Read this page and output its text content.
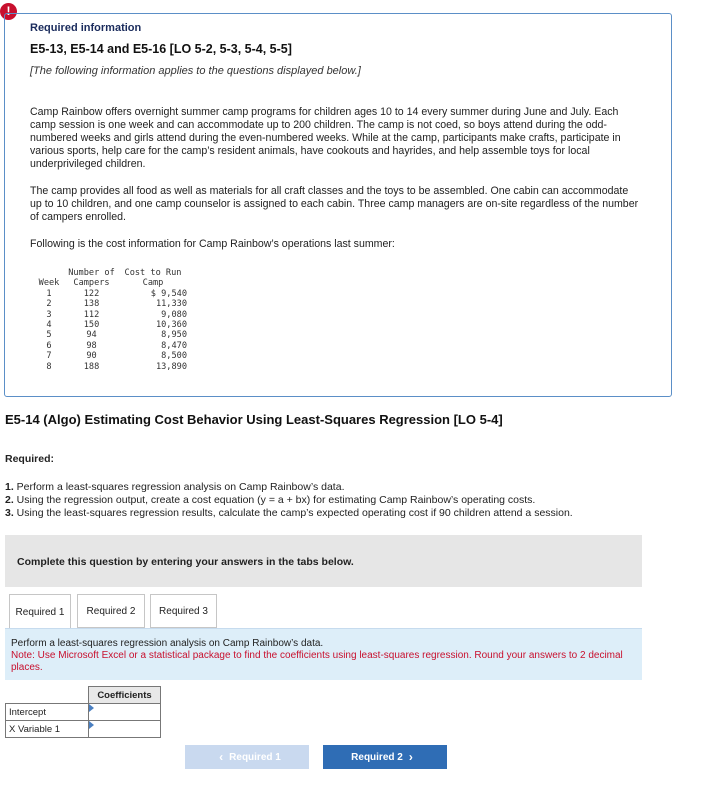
!
Required information
E5-13, E5-14 and E5-16 [LO 5-2, 5-3, 5-4, 5-5]
[The following information applies to the questions displayed below.]
Camp Rainbow offers overnight summer camp programs for children ages 10 to 14 every summer during June and July. Each camp session is one week and can accommodate up to 200 children. The camp is not coed, so boys attend during the odd-numbered weeks and girls attend during the even-numbered weeks. While at the camp, participants make crafts, participate in various sports, help care for the camp’s resident animals, have cookouts and hayrides, and help assemble toys for local underprivileged children.
The camp provides all food as well as materials for all craft classes and the toys to be assembled. One cabin can accommodate up to 10 children, and one camp counselor is assigned to each cabin. Three camp managers are on-site regardless of the number of campers enrolled.
Following is the cost information for Camp Rainbow’s operations last summer:
	Number of	Cost to Run
Week	Campers	Camp
1	122	$ 9,540
2	138	11,330
3	112	9,080
4	150	10,360
5	94	8,950
6	98	8,470
7	90	8,500
8	188	13,890
E5-14 (Algo) Estimating Cost Behavior Using Least-Squares Regression [LO 5-4]
Required:
1. Perform a least-squares regression analysis on Camp Rainbow’s data.
2. Using the regression output, create a cost equation (y = a + bx) for estimating Camp Rainbow’s operating costs.
3. Using the least-squares regression results, calculate the camp’s expected operating cost if 90 children attend a session.
Complete this question by entering your answers in the tabs below.
Required 1	Required 2	Required 3
Perform a least-squares regression analysis on Camp Rainbow’s data.
Note: Use Microsoft Excel or a statistical package to find the coefficients using least-squares regression. Round your answers to 2 decimal places.
	Coefficients
Intercept	

X Variable 1	
‹ Required 1	Required 2 ›
